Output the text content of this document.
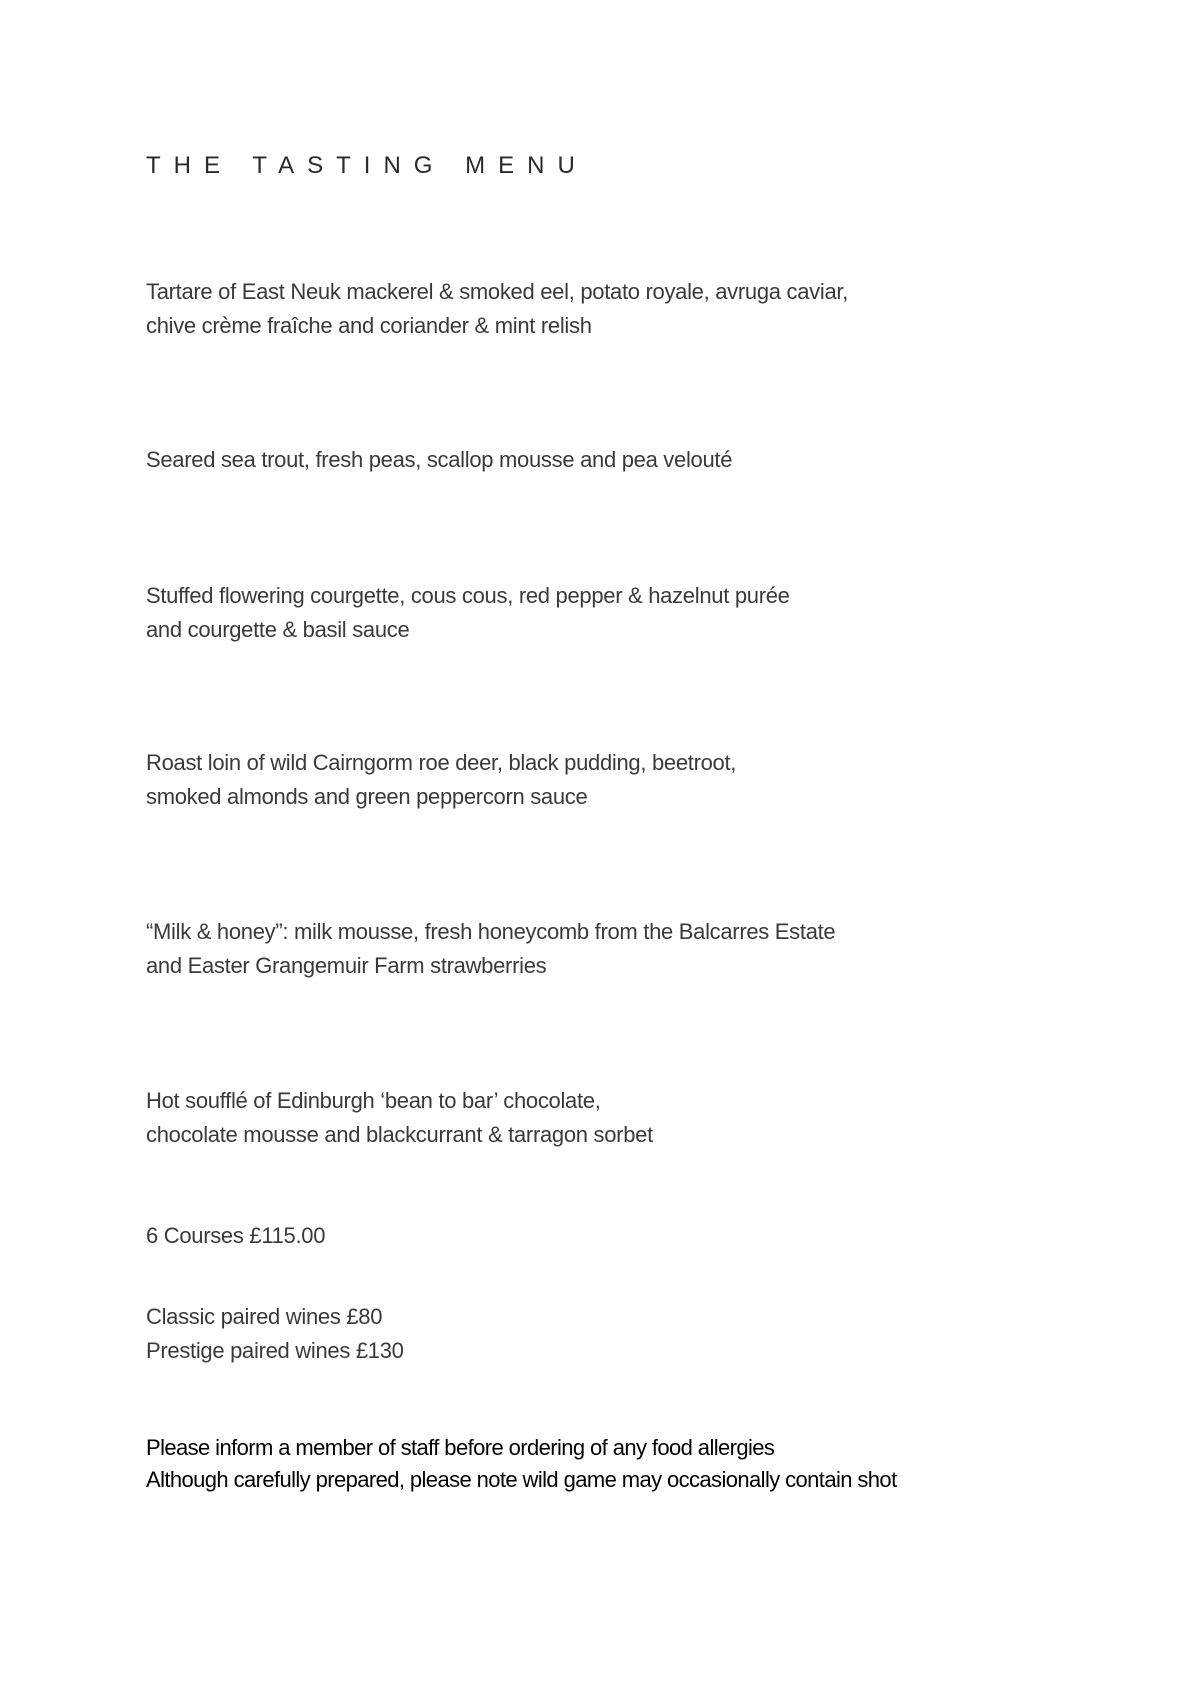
THE TASTING MENU
Tartare of East Neuk mackerel & smoked eel, potato royale, avruga caviar,
chive crème fraîche and coriander & mint relish
Seared sea trout, fresh peas, scallop mousse and pea velouté
Stuffed flowering courgette, cous cous, red pepper & hazelnut purée
and courgette & basil sauce
Roast loin of wild Cairngorm roe deer, black pudding, beetroot,
smoked almonds and green peppercorn sauce
“Milk & honey”: milk mousse, fresh honeycomb from the Balcarres Estate
and Easter Grangemuir Farm strawberries
Hot soufflé of Edinburgh ‘bean to bar’ chocolate,
chocolate mousse and blackcurrant & tarragon sorbet
6 Courses £115.00
Classic paired wines £80
Prestige paired wines £130
Please inform a member of staff before ordering of any food allergies
Although carefully prepared, please note wild game may occasionally contain shot
